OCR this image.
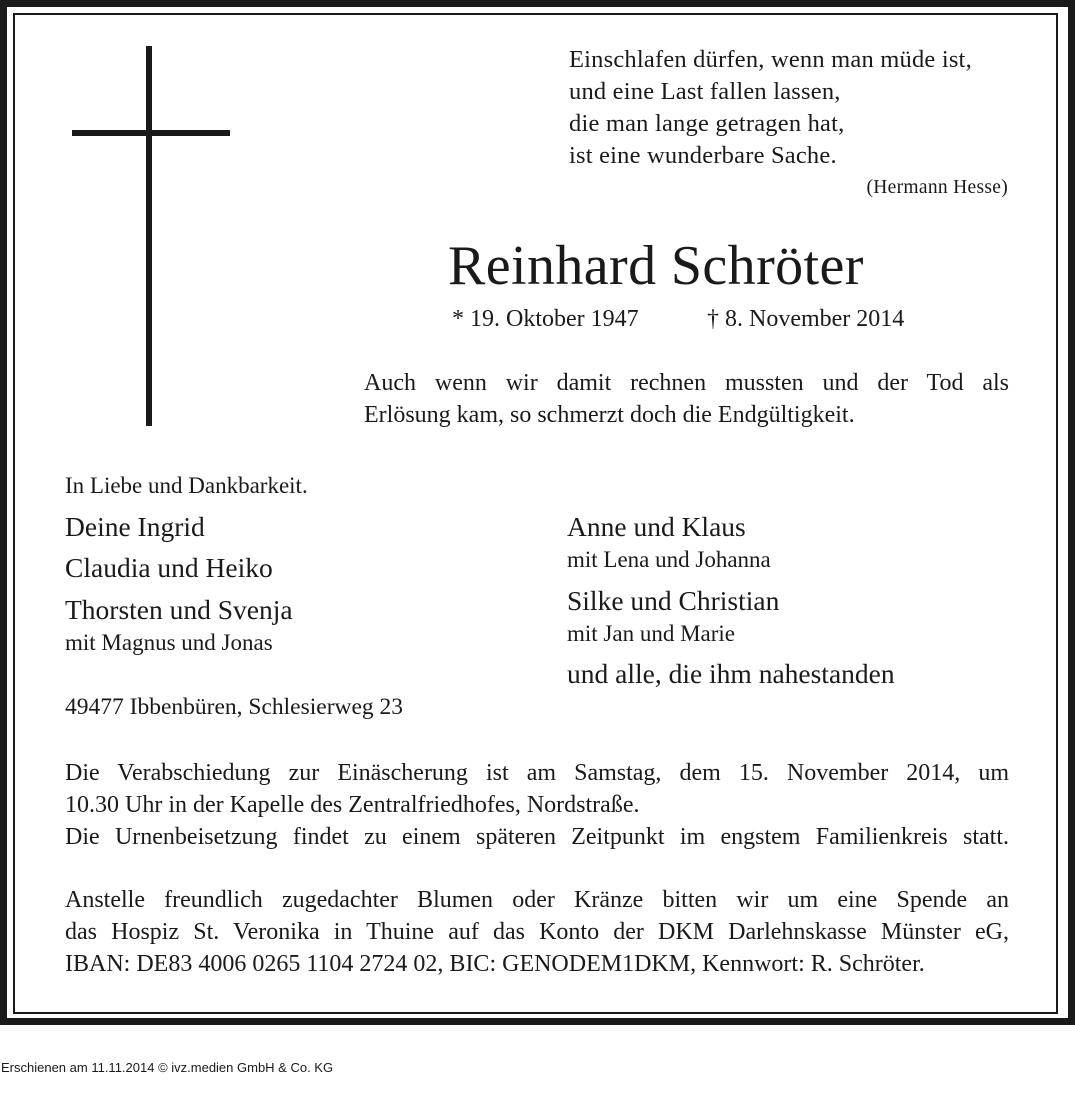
Einschlafen dürfen, wenn man müde ist,
und eine Last fallen lassen,
die man lange getragen hat,
ist eine wunderbare Sache.
(Hermann Hesse)
Reinhard Schröter
* 19. Oktober 1947	† 8. November 2014
Auch wenn wir damit rechnen mussten und der Tod als
Erlösung kam, so schmerzt doch die Endgültigkeit.
In Liebe und Dankbarkeit.
Deine Ingrid
Claudia und Heiko
Thorsten und Svenja
mit Magnus und Jonas
Anne und Klaus
mit Lena und Johanna
Silke und Christian
mit Jan und Marie
und alle, die ihm nahestanden
49477 Ibbenbüren, Schlesierweg 23
Die Verabschiedung zur Einäscherung ist am Samstag, dem 15. November 2014, um
10.30 Uhr in der Kapelle des Zentralfriedhofes, Nordstraße.
Die Urnenbeisetzung findet zu einem späteren Zeitpunkt im engstem Familienkreis statt.
Anstelle freundlich zugedachter Blumen oder Kränze bitten wir um eine Spende an
das Hospiz St. Veronika in Thuine auf das Konto der DKM Darlehnskasse Münster eG,
IBAN: DE83 4006 0265 1104 2724 02, BIC: GENODEM1DKM, Kennwort: R. Schröter.
Erschienen am 11.11.2014 © ivz.medien GmbH & Co. KG
